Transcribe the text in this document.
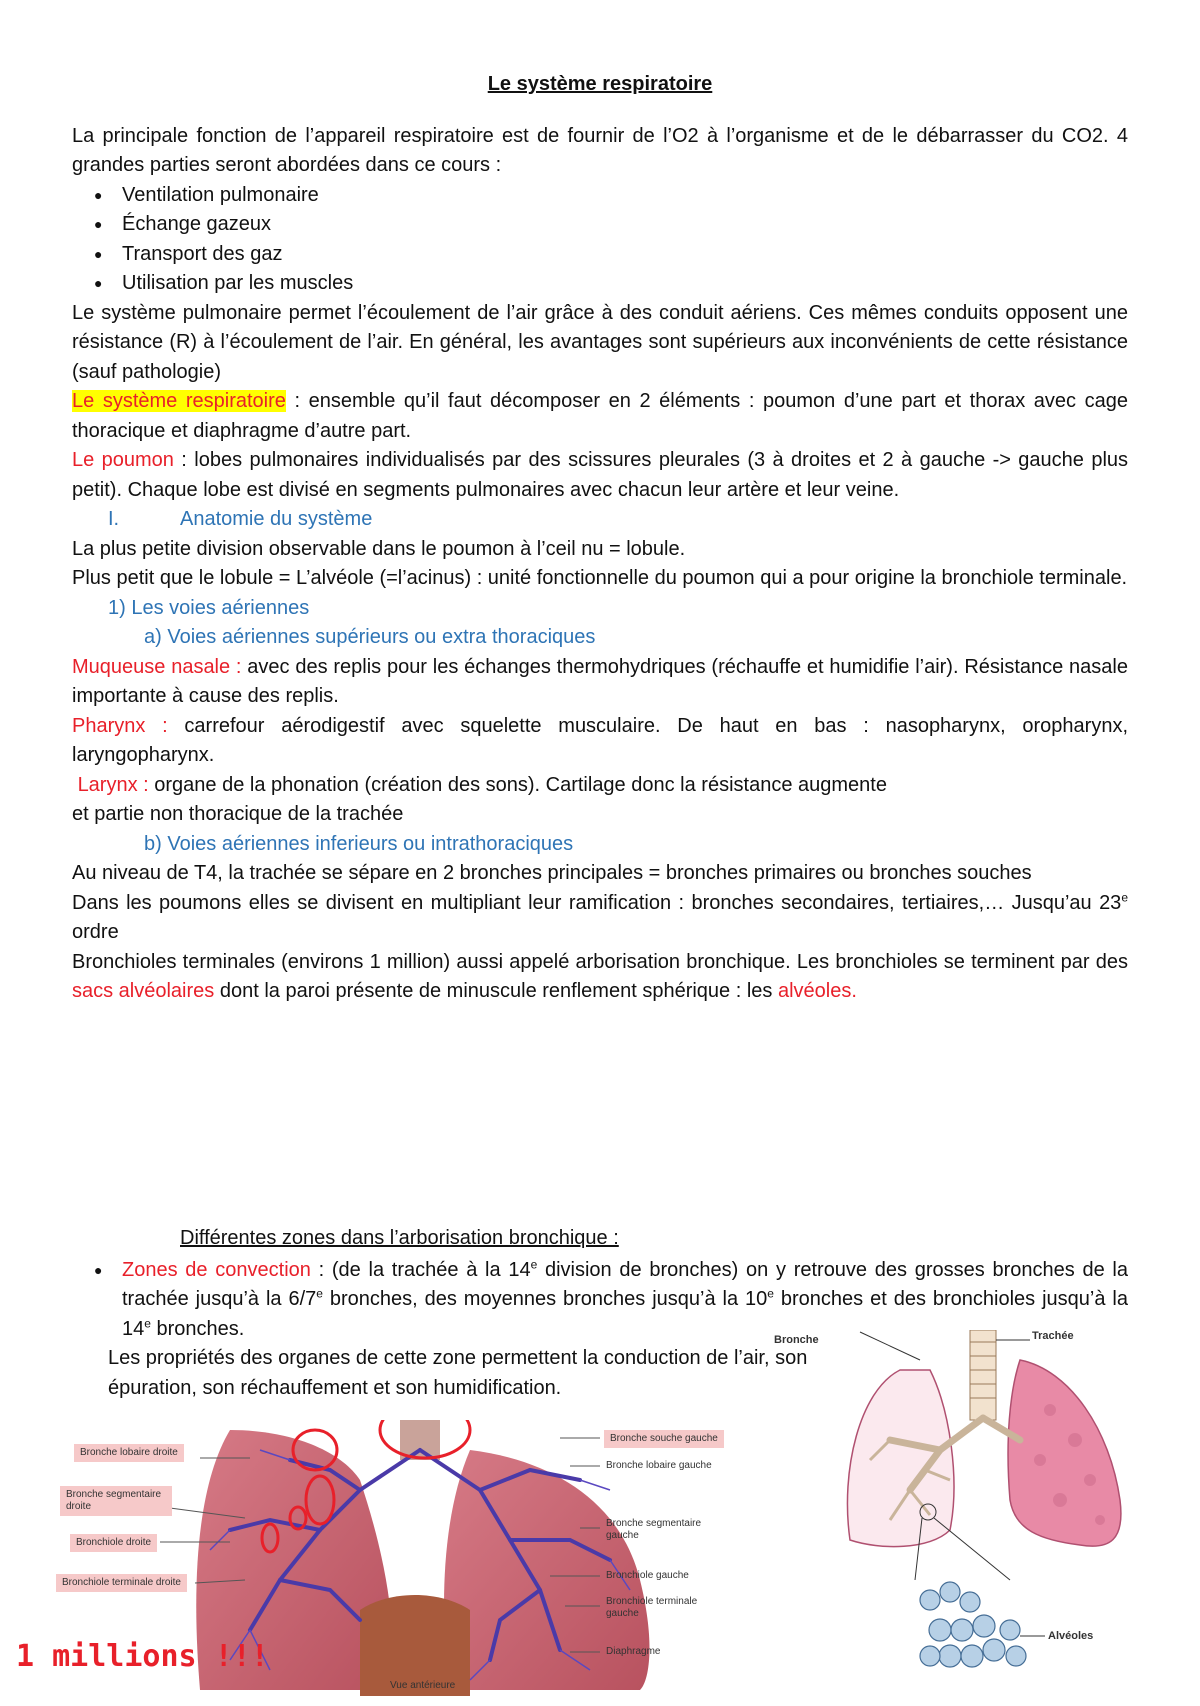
Le système respiratoire

La principale fonction de l’appareil respiratoire est de fournir de l’O2 à l’organisme et de le débarrasser du CO2. 4 grandes parties seront abordées dans ce cours :

● Ventilation pulmonaire
● Échange gazeux
● Transport des gaz
● Utilisation par les muscles

Le système pulmonaire permet l’écoulement de l’air grâce à des conduit aériens. Ces mêmes conduits opposent une résistance (R) à l’écoulement de l’air. En général, les avantages sont supérieurs aux inconvénients de cette résistance (sauf pathologie)

Le système respiratoire : ensemble qu’il faut décomposer en 2 éléments : poumon d’une part et thorax avec cage thoracique et diaphragme d’autre part.

Le poumon : lobes pulmonaires individualisés par des scissures pleurales (3 à droites et 2 à gauche -> gauche plus petit). Chaque lobe est divisé en segments pulmonaires avec chacun leur artère et leur veine.

I.	Anatomie du système

La plus petite division observable dans le poumon à l’ceil nu = lobule.

Plus petit que le lobule = L’alvéole (=l’acinus) : unité fonctionnelle du poumon qui a pour origine la bronchiole terminale.

1) Les voies aériennes

a) Voies aériennes supérieurs ou extra thoraciques

Muqueuse nasale : avec des replis pour les échanges thermohydriques (réchauffe et humidifie l’air). Résistance nasale importante à cause des replis.

Pharynx : carrefour aérodigestif avec squelette musculaire. De haut en bas : nasopharynx, oropharynx, laryngopharynx.

Larynx : organe de la phonation (création des sons). Cartilage donc la résistance augmente

et partie non thoracique de la trachée

b) Voies aériennes inferieurs ou intrathoraciques

Au niveau de T4, la trachée se sépare en 2 bronches principales = bronches primaires ou bronches souches

Dans les poumons elles se divisent en multipliant leur ramification : bronches secondaires, tertiaires,… Jusqu’au 23e ordre

Bronchioles terminales (environs 1 million) aussi appelé arborisation bronchique. Les bronchioles se terminent par des sacs alvéolaires dont la paroi présente de minuscule renflement sphérique : les alvéoles.

Différentes zones dans l’arborisation bronchique :

● Zones de convection : (de la trachée à la 14e division de bronches) on y retrouve des grosses bronches de la trachée jusqu’à la 6/7e bronches, des moyennes bronches jusqu’à la 10e bronches et des bronchioles jusqu’à la 14e bronches.

Les propriétés des organes de cette zone permettent la conduction de l’air, son épuration, son réchauffement et son humidification.

Bronche lobaire droite
Bronche segmentaire droite
Bronchiole droite
Bronchiole terminale droite
Bronche souche gauche
Bronche lobaire gauche
Bronche segmentaire gauche
Bronchiole gauche
Bronchiole terminale gauche
Diaphragme
Vue antérieure
1 millions !!!
Trachée
Bronche
Alvéoles
